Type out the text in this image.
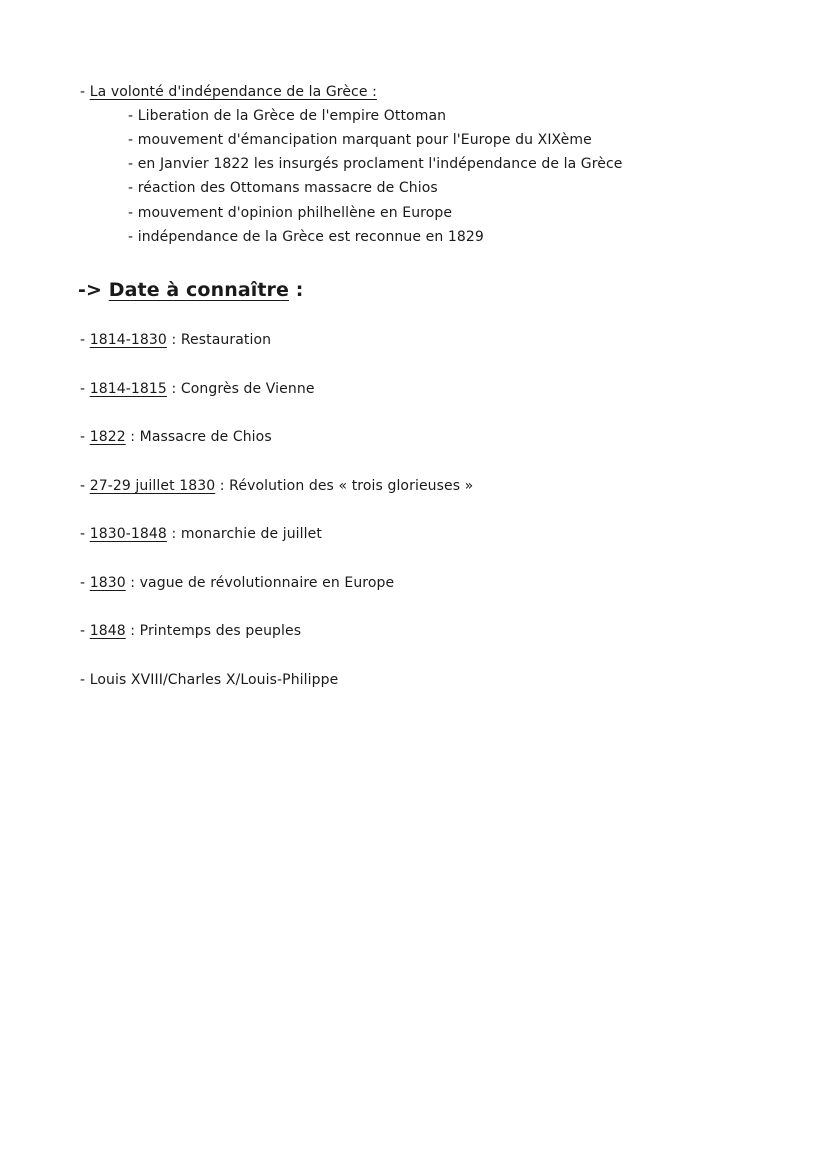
- La volonté d'indépendance de la Grèce :
- Liberation de la Grèce de l'empire Ottoman
- mouvement d'émancipation marquant pour l'Europe du XIXème
- en Janvier 1822 les insurgés proclament l'indépendance de la Grèce
- réaction des Ottomans massacre de Chios
- mouvement d'opinion philhellène en Europe
- indépendance de la Grèce est reconnue en 1829
-> Date à connaître :
- 1814-1830 : Restauration
- 1814-1815 : Congrès de Vienne
- 1822 : Massacre de Chios
- 27-29 juillet 1830 : Révolution des « trois glorieuses »
- 1830-1848 : monarchie de juillet
- 1830 : vague de révolutionnaire en Europe
- 1848 : Printemps des peuples
- Louis XVIII/Charles X/Louis-Philippe
